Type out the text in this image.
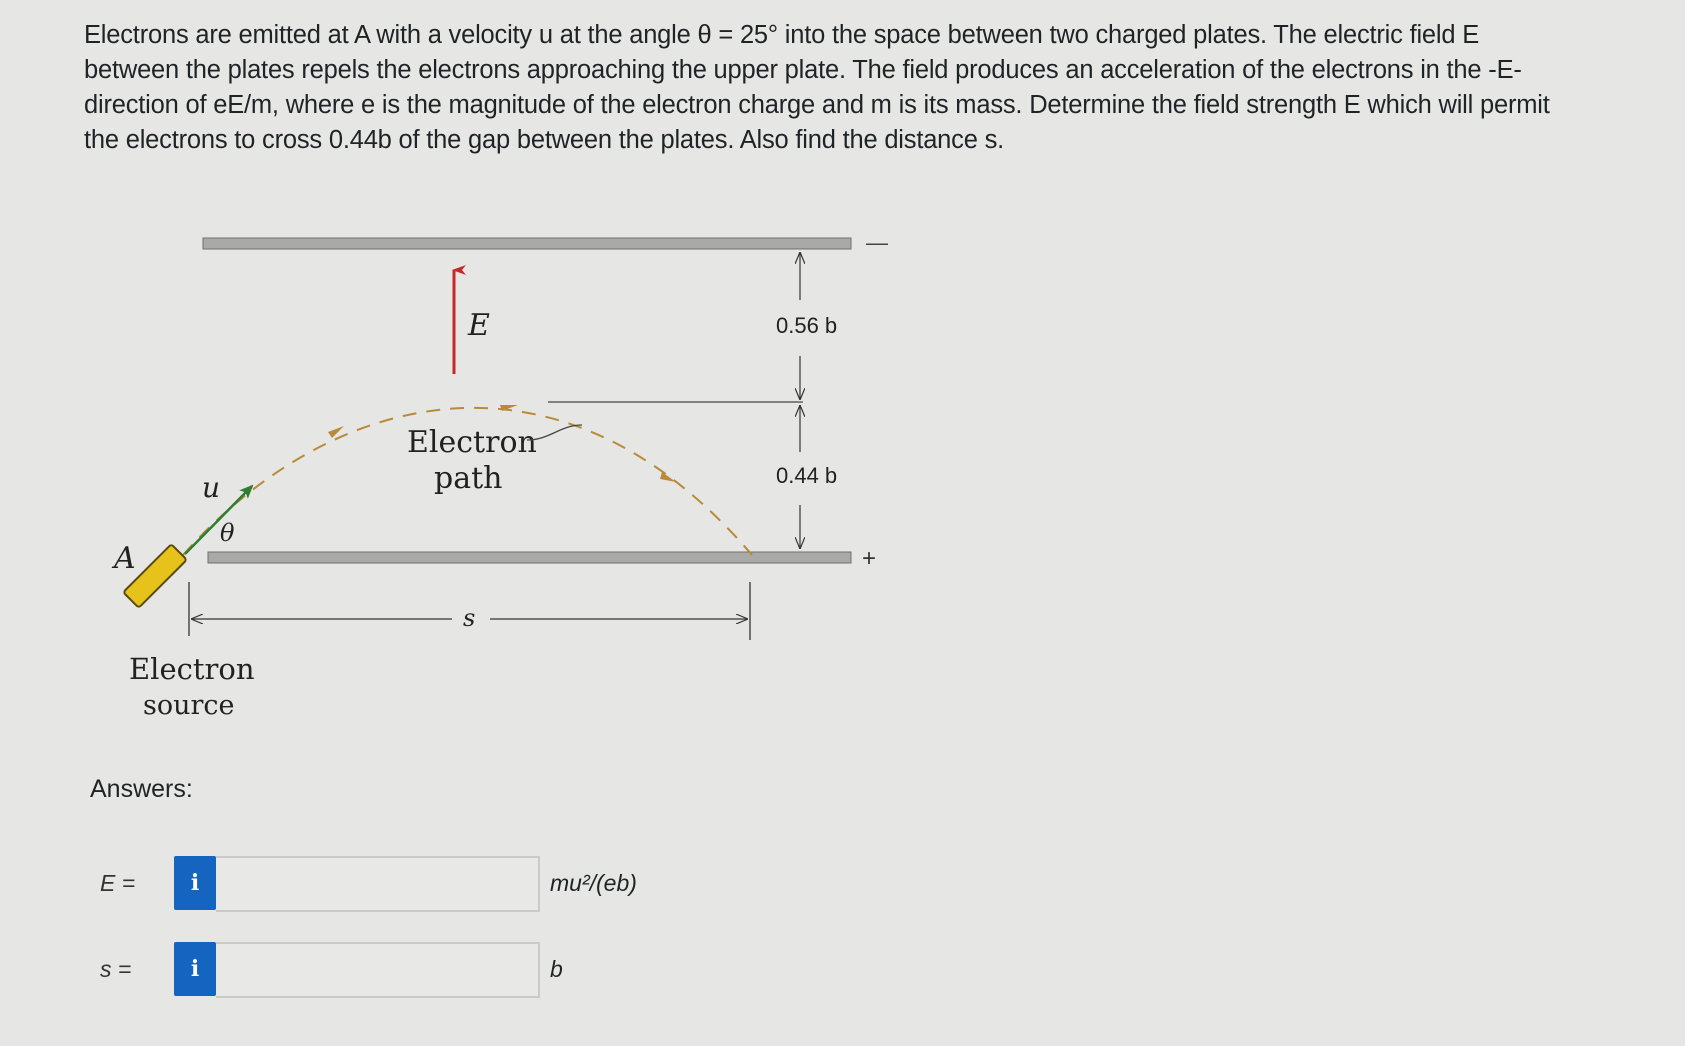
Electrons are emitted at A with a velocity u at the angle θ = 25° into the space between two charged plates. The electric field E
between the plates repels the electrons approaching the upper plate. The field produces an acceleration of the electrons in the -E-
direction of eE/m, where e is the magnitude of the electron charge and m is its mass. Determine the field strength E which will permit
the electrons to cross 0.44b of the gap between the plates. Also find the distance s.
—
+
E
Electron
path
u
θ
A
0.56 b
0.44 b
s
Electron
source
Answers:
E =	i	mu²/(eb)
s =	i	b
